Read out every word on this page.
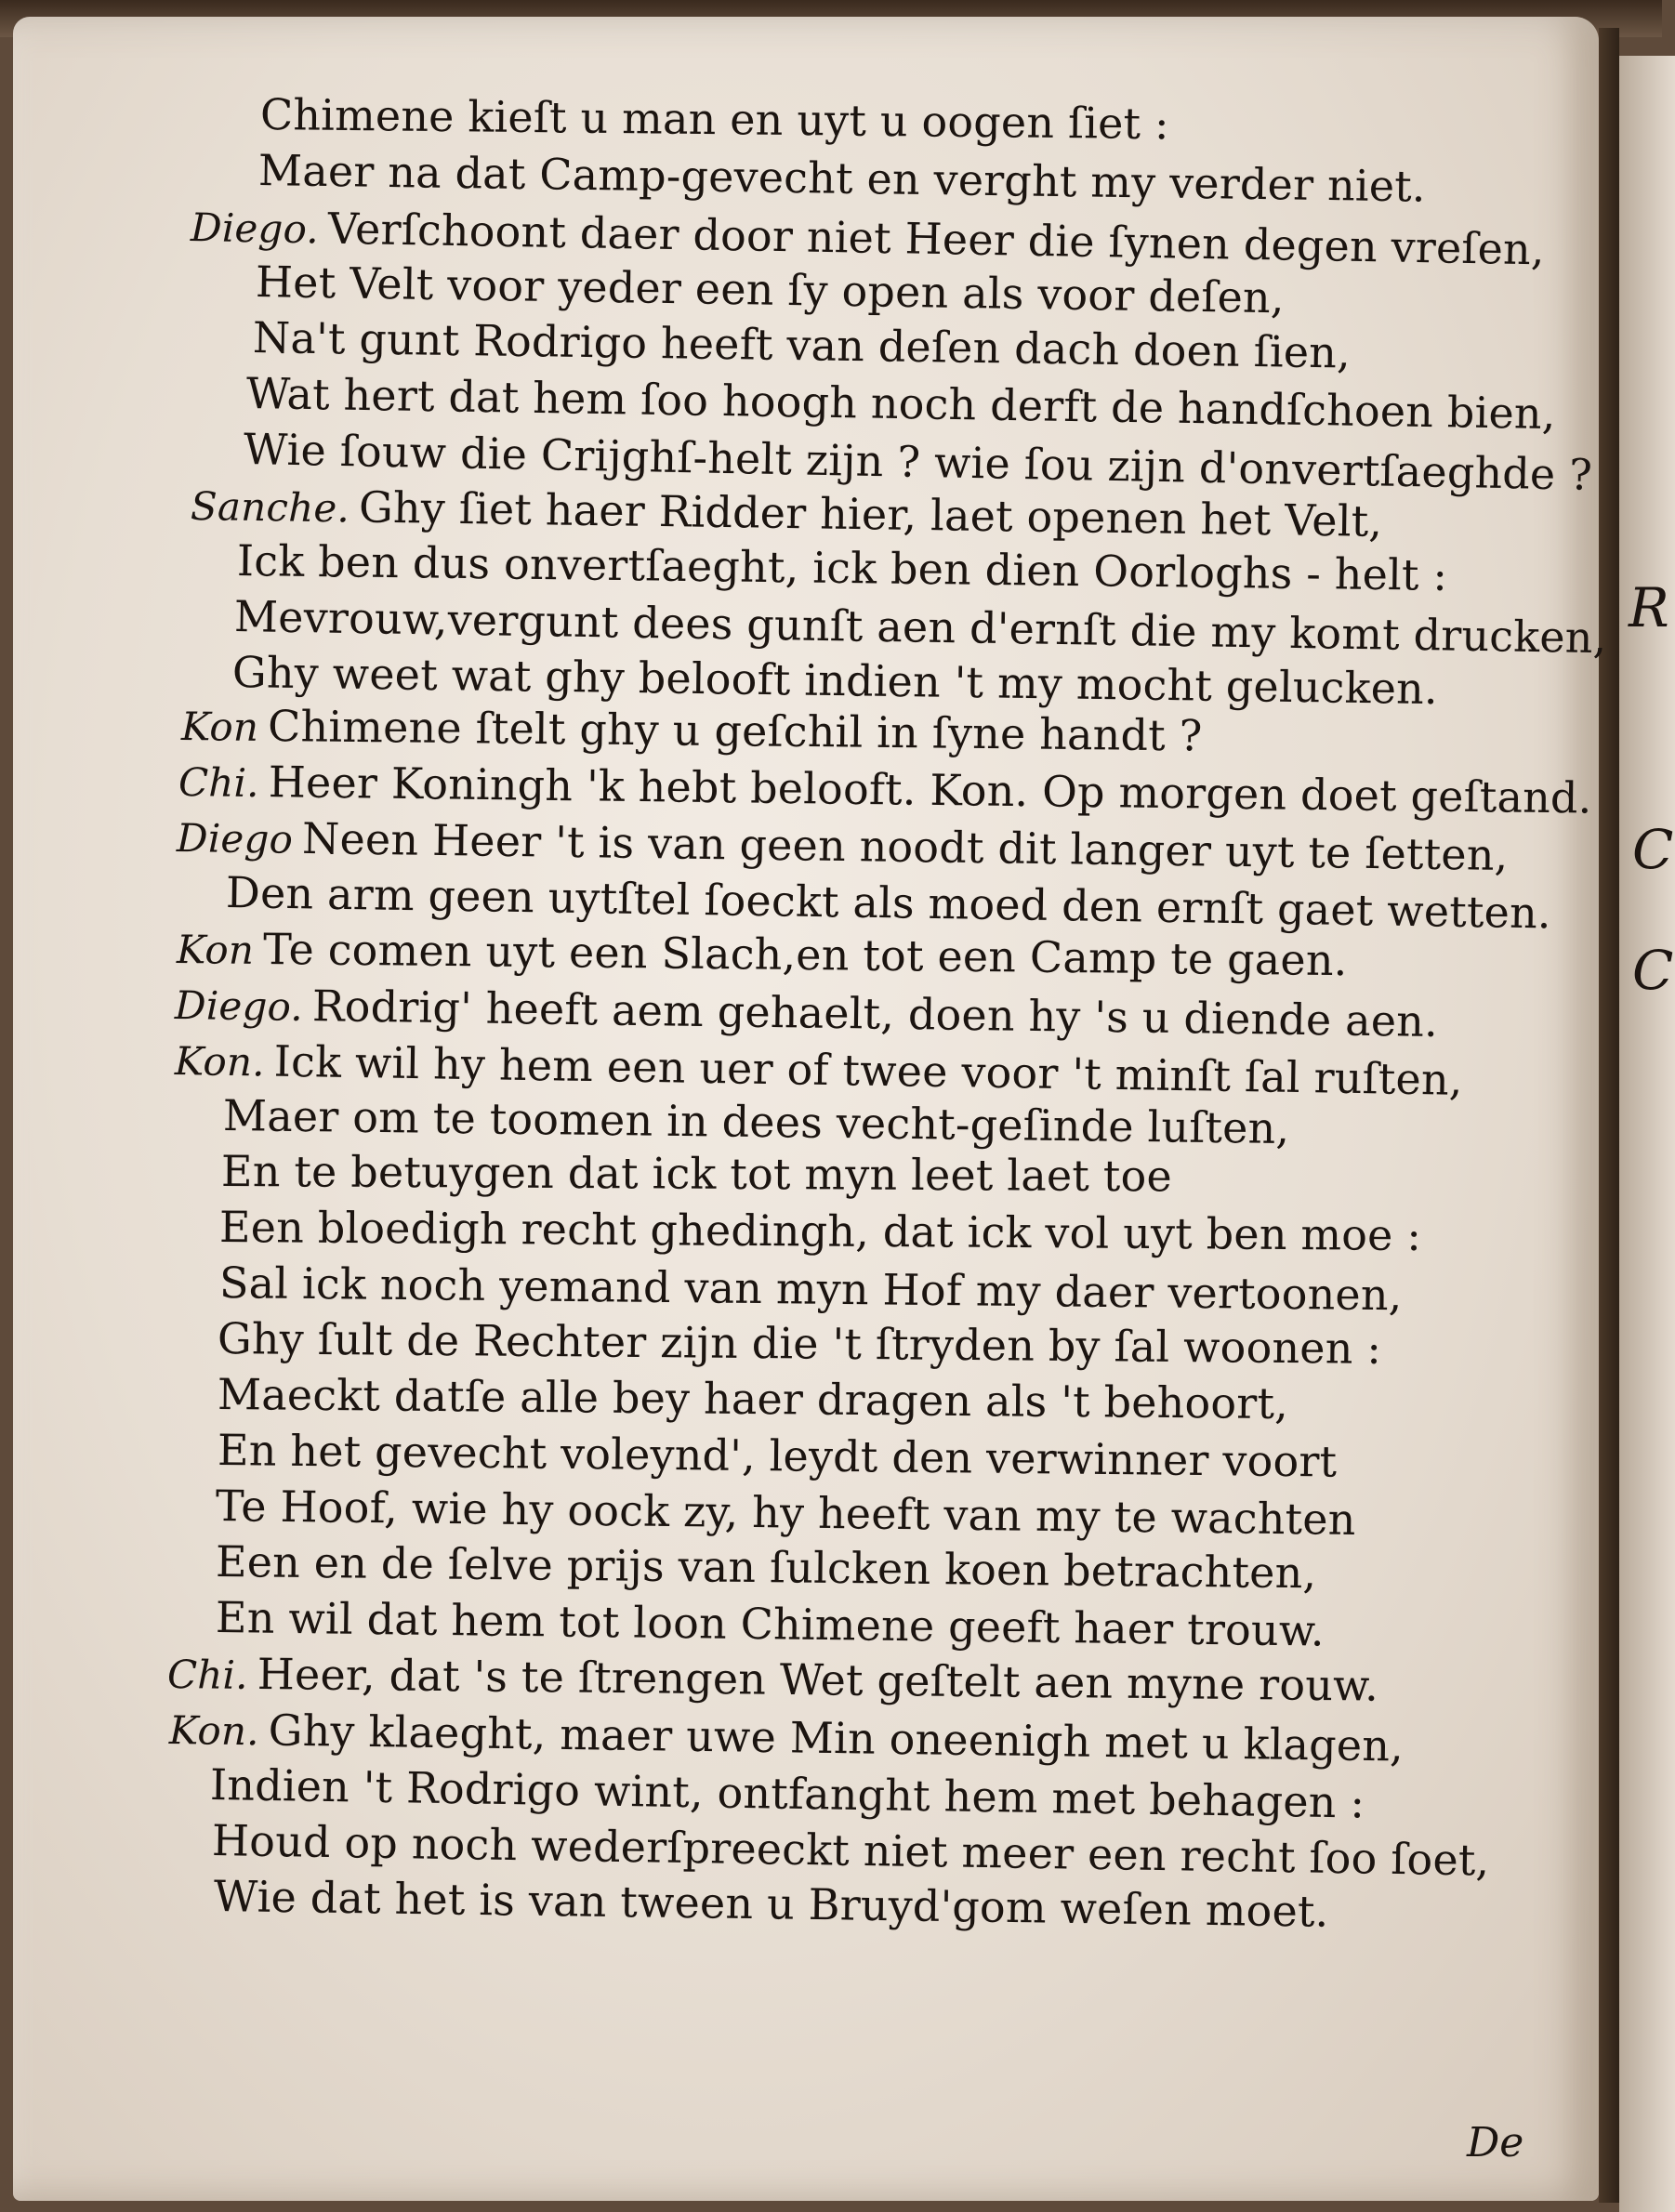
R
C
C
Chimene kieſt u man en uyt u oogen ſiet :
Maer na dat Camp-gevecht en verght my verder niet.
Diego. Verſchoont daer door niet Heer die ſynen degen vreſen,
Het Velt voor yeder een ſy open als voor deſen,
Na't gunt Rodrigo heeft van deſen dach doen ſien,
Wat hert dat hem ſoo hoogh noch derft de handſchoen bien,
Wie ſouw die Crijghſ-helt zijn ? wie ſou zijn d'onvertſaeghde ?
Sanche. Ghy ſiet haer Ridder hier, laet openen het Velt,
Ick ben dus onvertſaeght, ick ben dien Oorloghs - helt :
Mevrouw,vergunt dees gunſt aen d'ernſt die my komt drucken,
Ghy weet wat ghy belooft indien 't my mocht gelucken.
Kon Chimene ſtelt ghy u geſchil in ſyne handt ?
Chi. Heer Koningh 'k hebt belooft. Kon. Op morgen doet geſtand.
Diego Neen Heer 't is van geen noodt dit langer uyt te ſetten,
Den arm geen uytſtel ſoeckt als moed den ernſt gaet wetten.
Kon Te comen uyt een Slach,en tot een Camp te gaen.
Diego. Rodrig' heeft aem gehaelt, doen hy 's u diende aen.
Kon. Ick wil hy hem een uer of twee voor 't minſt ſal ruſten,
Maer om te toomen in dees vecht-geſinde luſten,
En te betuygen dat ick tot myn leet laet toe
Een bloedigh recht ghedingh, dat ick vol uyt ben moe :
Sal ick noch yemand van myn Hof my daer vertoonen,
Ghy ſult de Rechter zijn die 't ſtryden by ſal woonen :
Maeckt datſe alle bey haer dragen als 't behoort,
En het gevecht voleynd', leydt den verwinner voort
Te Hoof, wie hy oock zy, hy heeft van my te wachten
Een en de ſelve prijs van ſulcken koen betrachten,
En wil dat hem tot loon Chimene geeft haer trouw.
Chi. Heer, dat 's te ſtrengen Wet geſtelt aen myne rouw.
Kon. Ghy klaeght, maer uwe Min oneenigh met u klagen,
Indien 't Rodrigo wint, ontfanght hem met behagen :
Houd op noch wederſpreeckt niet meer een recht ſoo ſoet,
Wie dat het is van tween u Bruyd'gom weſen moet.
De
